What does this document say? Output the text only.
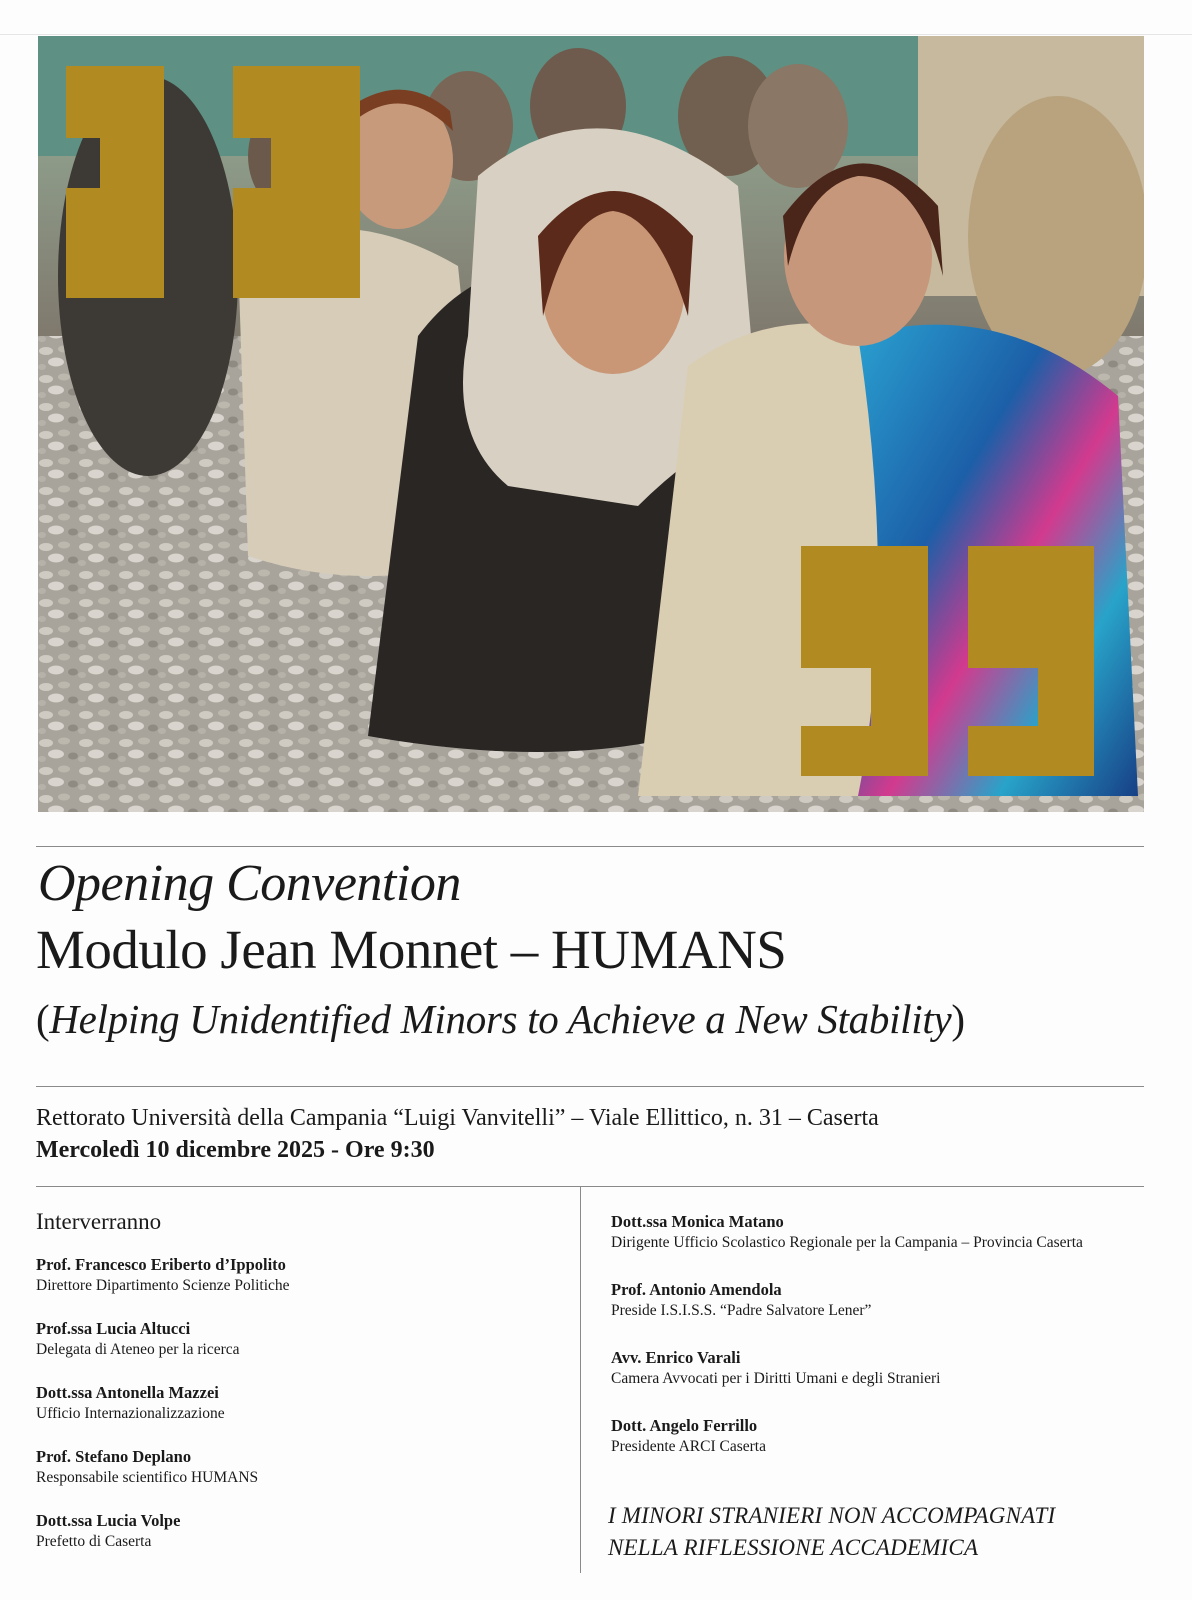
Opening Convention
Modulo Jean Monnet – HUMANS
(Helping Unidentified Minors to Achieve a New Stability)
Rettorato Università della Campania “Luigi Vanvitelli” – Viale Ellittico, n. 31 – Caserta
Mercoledì 10 dicembre 2025 - Ore 9:30
Interverranno
Prof. Francesco Eriberto d’Ippolito
Direttore Dipartimento Scienze Politiche
Prof.ssa Lucia Altucci
Delegata di Ateneo per la ricerca
Dott.ssa Antonella Mazzei
Ufficio Internazionalizzazione
Prof. Stefano Deplano
Responsabile scientifico HUMANS
Dott.ssa Lucia Volpe
Prefetto di Caserta
Dott.ssa Monica Matano
Dirigente Ufficio Scolastico Regionale per la Campania – Provincia Caserta
Prof. Antonio Amendola
Preside I.S.I.S.S. “Padre Salvatore Lener”
Avv. Enrico Varali
Camera Avvocati per i Diritti Umani e degli Stranieri
Dott. Angelo Ferrillo
Presidente ARCI Caserta
I MINORI STRANIERI NON ACCOMPAGNATI
NELLA RIFLESSIONE ACCADEMICA
